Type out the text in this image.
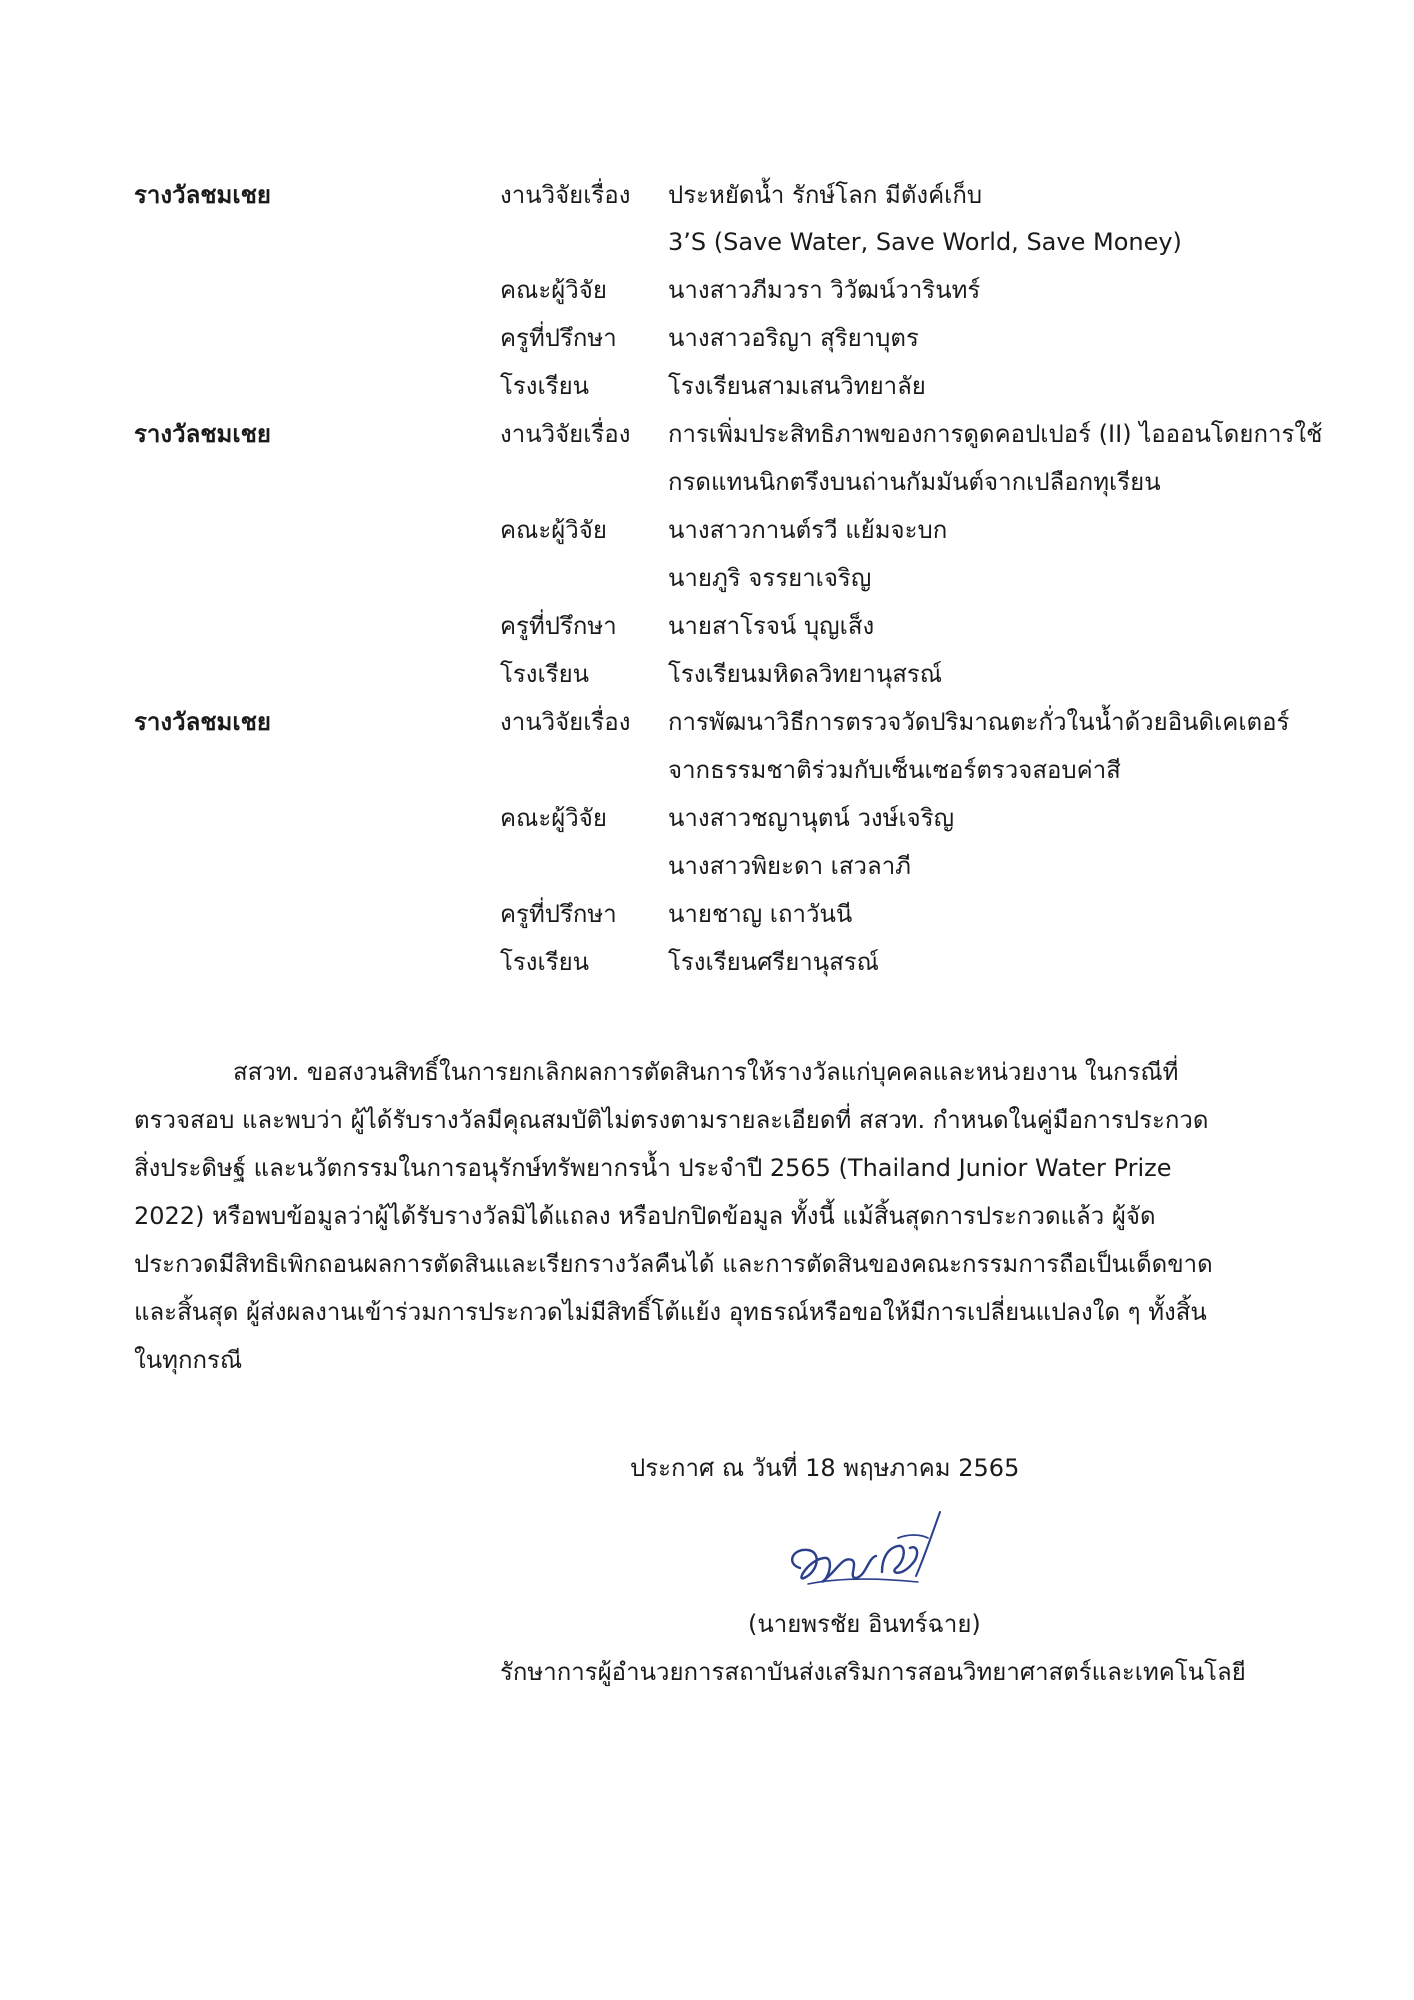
รางวัลชมเชย	งานวิจัยเรื่อง ประหยัดน้ำ รักษ์โลก มีตังค์เก็บ
3’S (Save Water, Save World, Save Money)
คณะผู้วิจัย	นางสาวภีมวรา วิวัฒน์วารินทร์
ครูที่ปรึกษา นางสาวอริญา สุริยาบุตร
โรงเรียน	โรงเรียนสามเสนวิทยาลัย
รางวัลชมเชย	งานวิจัยเรื่อง การเพิ่มประสิทธิภาพของการดูดคอปเปอร์ (II) ไอออนโดยการใช้
กรดแทนนิกตรึงบนถ่านกัมมันต์จากเปลือกทุเรียน
คณะผู้วิจัย	นางสาวกานต์รวี แย้มจะบก
นายภูริ จรรยาเจริญ
ครูที่ปรึกษา นายสาโรจน์ บุญเส็ง
โรงเรียน	โรงเรียนมหิดลวิทยานุสรณ์
รางวัลชมเชย	งานวิจัยเรื่อง การพัฒนาวิธีการตรวจวัดปริมาณตะกั่วในน้ำด้วยอินดิเคเตอร์
จากธรรมชาติร่วมกับเซ็นเซอร์ตรวจสอบค่าสี
คณะผู้วิจัย	นางสาวชญานุตน์ วงษ์เจริญ
นางสาวพิยะดา เสวลาภี
ครูที่ปรึกษา นายชาญ เถาวันนี
โรงเรียน	โรงเรียนศรียานุสรณ์
สสวท. ขอสงวนสิทธิ์ในการยกเลิกผลการตัดสินการให้รางวัลแก่บุคคลและหน่วยงาน ในกรณีที่
ตรวจสอบ และพบว่า ผู้ได้รับรางวัลมีคุณสมบัติไม่ตรงตามรายละเอียดที่ สสวท. กำหนดในคู่มือการประกวด
สิ่งประดิษฐ์ และนวัตกรรมในการอนุรักษ์ทรัพยากรน้ำ ประจำปี 2565 (Thailand Junior Water Prize
2022) หรือพบข้อมูลว่าผู้ได้รับรางวัลมิได้แถลง หรือปกปิดข้อมูล ทั้งนี้ แม้สิ้นสุดการประกวดแล้ว ผู้จัด
ประกวดมีสิทธิเพิกถอนผลการตัดสินและเรียกรางวัลคืนได้ และการตัดสินของคณะกรรมการถือเป็นเด็ดขาด
และสิ้นสุด ผู้ส่งผลงานเข้าร่วมการประกวดไม่มีสิทธิ์โต้แย้ง อุทธรณ์หรือขอให้มีการเปลี่ยนแปลงใด ๆ ทั้งสิ้น
ในทุกกรณี
ประกาศ ณ วันที่ 18 พฤษภาคม 2565
(นายพรชัย อินทร์ฉาย)
รักษาการผู้อำนวยการสถาบันส่งเสริมการสอนวิทยาศาสตร์และเทคโนโลยี
